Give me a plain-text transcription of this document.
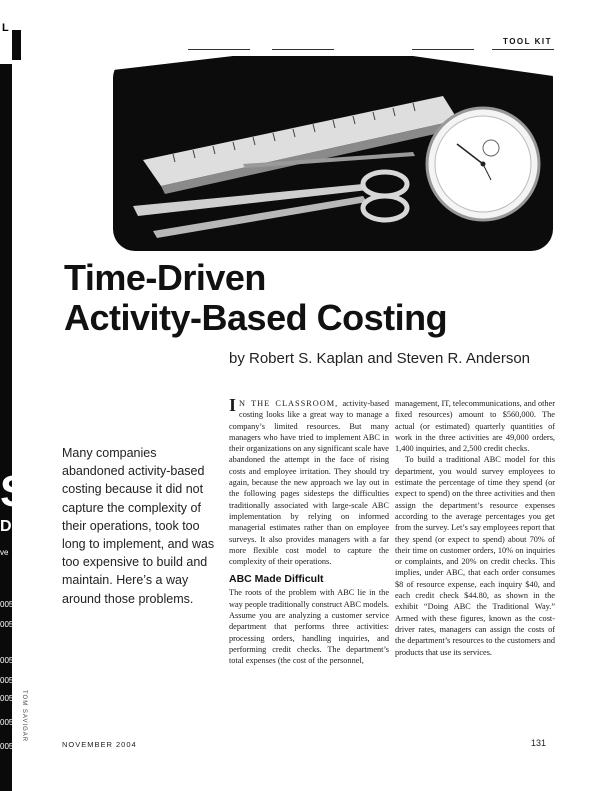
L
S
D
ve
005
005
005
005
005
005
005
TOOL KIT
Time-Driven
Activity-Based Costing
by Robert S. Kaplan and Steven R. Anderson

Many companies abandoned activity-based costing because it did not capture the complexity of their operations, took too long to implement, and was too expensive to build and maintain. Here’s a way around those problems.

I N THE CLASSROOM, activity-based costing looks like a great way to manage a company’s limited resources. But many managers who have tried to implement ABC in their organizations on any significant scale have abandoned the attempt in the face of rising costs and employee irritation. They should try again, because the new approach we lay out in the following pages sidesteps the difficulties traditionally associated with large-scale ABC implementation by relying on informed managerial estimates rather than on employee surveys. It also provides managers with a far more flexible cost model to capture the complexity of their operations.

ABC Made Difficult

The roots of the problem with ABC lie in the way people traditionally construct ABC models. Assume you are analyzing a customer service department that performs three activities: processing orders, handling inquiries, and performing credit checks. The department’s total expenses (the cost of the personnel,

management, IT, telecommunications, and other fixed resources) amount to $560,000. The actual (or estimated) quarterly quantities of work in the three activities are 49,000 orders, 1,400 inquiries, and 2,500 credit checks.

To build a traditional ABC model for this department, you would survey employees to estimate the percentage of time they spend (or expect to spend) on the three activities and then assign the department’s resource expenses according to the average percentages you get from the survey. Let’s say employees report that they spend (or expect to spend) about 70% of their time on customer orders, 10% on inquiries or complaints, and 20% on credit checks. This implies, under ABC, that each order consumes $8 of resource expense, each inquiry $40, and each credit check $44.80, as shown in the exhibit “Doing ABC the Traditional Way.” Armed with these figures, known as the cost-driver rates, managers can assign the costs of the department’s resources to the customers and products that use its services.

TOM SAVIGAR
NOVEMBER 2004	131
